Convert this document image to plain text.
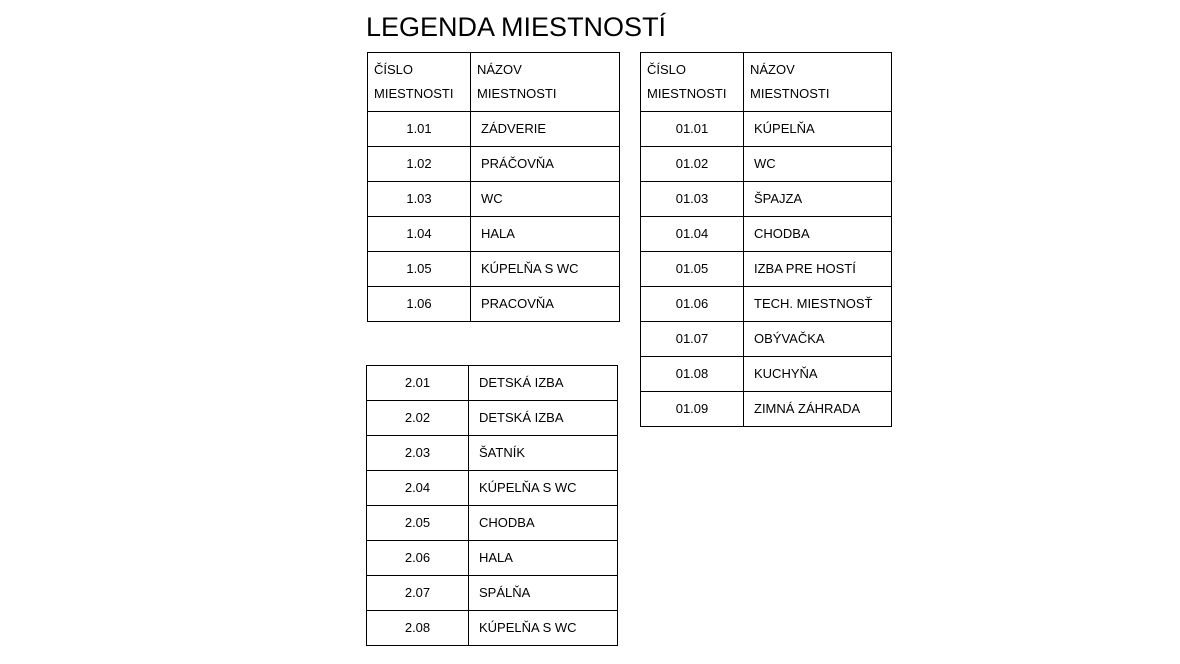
LEGENDA MIESTNOSTÍ
ČÍSLO
MIESTNOSTI	NÁZOV
MIESTNOSTI

1.01	ZÁDVERIE
1.02	PRÁČOVŇA
1.03	WC
1.04	HALA
1.05	KÚPELŇA S WC
1.06	PRACOVŇA
2.01	DETSKÁ IZBA
2.02	DETSKÁ IZBA
2.03	ŠATNÍK
2.04	KÚPELŇA S WC
2.05	CHODBA
2.06	HALA
2.07	SPÁLŇA
2.08	KÚPELŇA S WC
ČÍSLO
MIESTNOSTI	NÁZOV
MIESTNOSTI

01.01	KÚPELŇA
01.02	WC
01.03	ŠPAJZA
01.04	CHODBA
01.05	IZBA PRE HOSTÍ
01.06	TECH. MIESTNOSŤ
01.07	OBÝVAČKA
01.08	KUCHYŇA
01.09	ZIMNÁ ZÁHRADA
